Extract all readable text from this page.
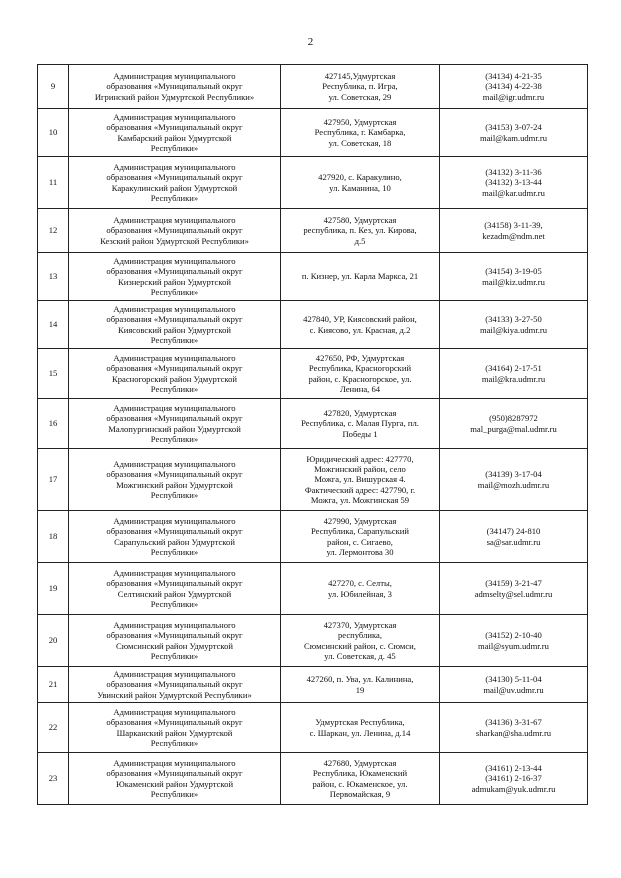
2
9	Администрация муниципального
образования «Муниципальный округ
Игринский район Удмуртской Республики»	427145,Удмуртская
Республика, п. Игра,
ул. Советская, 29	(34134) 4-21-35
(34134) 4-22-38
mail@igr.udmr.ru

10	Администрация муниципального
образования «Муниципальный округ
Камбарский район Удмуртской
Республики»	427950, Удмуртская
Республика, г. Камбарка,
ул. Советская, 18	(34153) 3-07-24
mail@kam.udmr.ru

11	Администрация муниципального
образования «Муниципальный округ
Каракулинский район Удмуртской
Республики»	427920, с. Каракулино,
ул. Каманина, 10	(34132) 3-11-36
(34132) 3-13-44
mail@kar.udmr.ru

12	Администрация муниципального
образования «Муниципальный округ
Кезский район Удмуртской Республики»	427580, Удмуртская
республика, п. Кез, ул. Кирова,
д.5	(34158) 3-11-39,
kezadm@ndm.net

13	Администрация муниципального
образования «Муниципальный округ
Кизнерский район Удмуртской
Республики»	п. Кизнер, ул. Карла Маркса, 21	(34154) 3-19-05
mail@kiz.udmr.ru

14	Администрация муниципального
образования «Муниципальный округ
Киясовский район Удмуртской
Республики»	427840, УР, Киясовский район,
с. Киясово, ул. Красная, д.2	(34133) 3-27-50
mail@kiya.udmr.ru

15	Администрация муниципального
образования «Муниципальный округ
Красногорский район Удмуртской
Республики»	427650, РФ, Удмуртская
Республика, Красногорский
район, с. Красногорское, ул.
Ленина, 64	(34164) 2-17-51
mail@kra.udmr.ru

16	Администрация муниципального
образования «Муниципальный округ
Малопургинский район Удмуртской
Республики»	427820, Удмуртская
Республика, с. Малая Пурга, пл.
Победы 1	(950)8287972
mal_purga@mal.udmr.ru

17	Администрация муниципального
образования «Муниципальный округ
Можгинский район Удмуртской
Республики»	Юридический адрес: 427770,
Можгинский район, село
Можга, ул. Вишурская 4.
Фактический адрес: 427790, г.
Можга, ул. Можгинская 59	(34139) 3-17-04
mail@mozh.udmr.ru

18	Администрация муниципального
образования «Муниципальный округ
Сарапульский район Удмуртской
Республики»	427990, Удмуртская
Республика, Сарапульский
район, с. Сигаево,
ул. Лермонтова 30	(34147) 24-810
sa@sar.udmr.ru

19	Администрация муниципального
образования «Муниципальный округ
Селтинский район Удмуртской
Республики»	427270, с. Селты,
ул. Юбилейная, 3	(34159) 3-21-47
admselty@sel.udmr.ru

20	Администрация муниципального
образования «Муниципальный округ
Сюмсинский район Удмуртской
Республики»	427370, Удмуртская
республика,
Сюмсинский район, с. Сюмси,
ул. Советская, д. 45	(34152) 2-10-40
mail@syum.udmr.ru

21	Администрация муниципального
образования «Муниципальный округ
Увинский район Удмуртской Республики»	427260, п. Ува, ул. Калинина,
19	(34130) 5-11-04
mail@uv.udmr.ru

22	Администрация муниципального
образования «Муниципальный округ
Шарканский район Удмуртской
Республики»	Удмуртская Республика,
с. Шаркан, ул. Ленина, д.14	(34136) 3-31-67
sharkan@sha.udmr.ru

23	Администрация муниципального
образования «Муниципальный округ
Юкаменский район Удмуртской
Республики»	427680, Удмуртская
Республика, Юкаменский
район, с. Юкаменское, ул.
Первомайская, 9	(34161) 2-13-44
(34161) 2-16-37
admukam@yuk.udmr.ru
